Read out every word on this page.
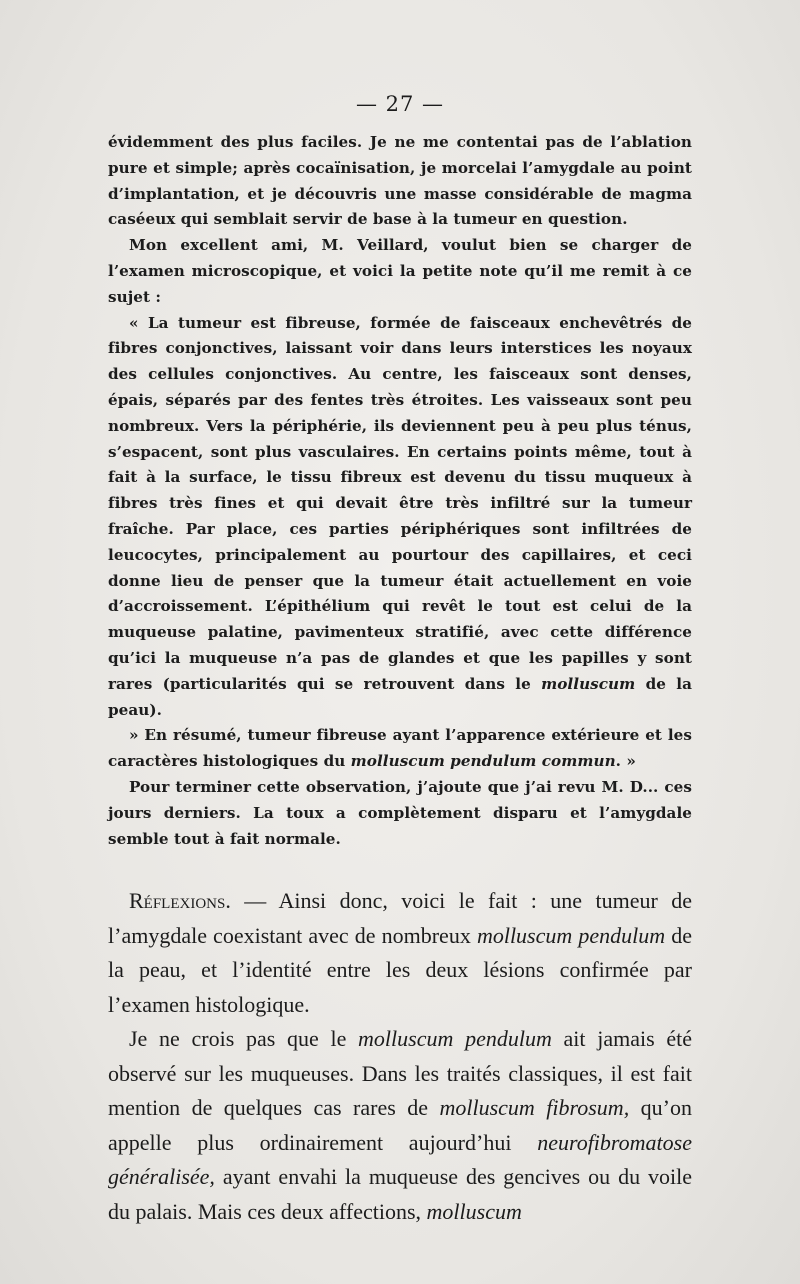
— 27 —

évidemment des plus faciles. Je ne me contentai pas de l’ablation pure et simple; après cocaïnisation, je morcelai l’amygdale au point d’implantation, et je découvris une masse considérable de magma caséeux qui semblait servir de base à la tumeur en question.

Mon excellent ami, M. Veillard, voulut bien se charger de l’examen microscopique, et voici la petite note qu’il me remit à ce sujet :

« La tumeur est fibreuse, formée de faisceaux enchevêtrés de fibres conjonctives, laissant voir dans leurs interstices les noyaux des cellules conjonctives. Au centre, les faisceaux sont denses, épais, séparés par des fentes très étroites. Les vaisseaux sont peu nombreux. Vers la périphérie, ils deviennent peu à peu plus ténus, s’espacent, sont plus vasculaires. En certains points même, tout à fait à la surface, le tissu fibreux est devenu du tissu muqueux à fibres très fines et qui devait être très infiltré sur la tumeur fraîche. Par place, ces parties périphériques sont infiltrées de leucocytes, principalement au pourtour des capillaires, et ceci donne lieu de penser que la tumeur était actuellement en voie d’accroissement. L’épithélium qui revêt le tout est celui de la muqueuse palatine, pavimenteux stratifié, avec cette différence qu’ici la muqueuse n’a pas de glandes et que les papilles y sont rares (particularités qui se retrouvent dans le molluscum de la peau).

» En résumé, tumeur fibreuse ayant l’apparence extérieure et les caractères histologiques du molluscum pendulum commun. »

Pour terminer cette observation, j’ajoute que j’ai revu M. D... ces jours derniers. La toux a complètement disparu et l’amygdale semble tout à fait normale.

Réflexions. — Ainsi donc, voici le fait : une tumeur de l’amygdale coexistant avec de nombreux molluscum pendulum de la peau, et l’identité entre les deux lésions confirmée par l’examen histologique.

Je ne crois pas que le molluscum pendulum ait jamais été observé sur les muqueuses. Dans les traités classiques, il est fait mention de quelques cas rares de molluscum fibrosum, qu’on appelle plus ordinairement aujourd’hui neurofibromatose généralisée, ayant envahi la muqueuse des gencives ou du voile du palais. Mais ces deux affections, molluscum
